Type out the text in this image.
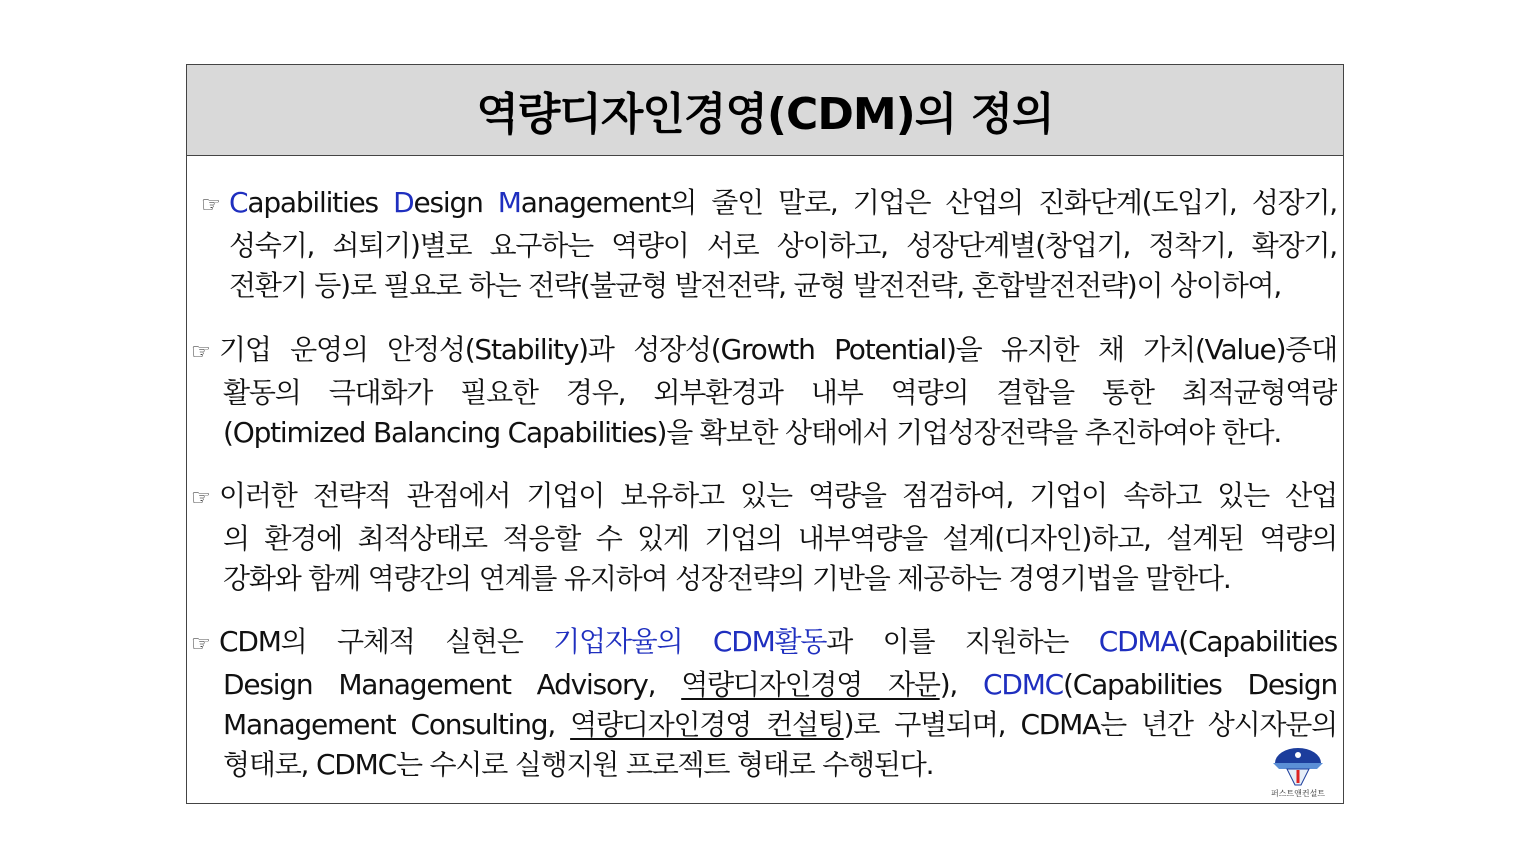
역량디자인경영(CDM)의 정의
☞ Capabilities Design Management의 줄인 말로, 기업은 산업의 진화단계(도입기, 성장기,
성숙기, 쇠퇴기)별로 요구하는 역량이 서로 상이하고, 성장단계별(창업기, 정착기, 확장기,
전환기 등)로 필요로 하는 전략(불균형 발전전략, 균형 발전전략, 혼합발전전략)이 상이하여,
☞ 기업 운영의 안정성(Stability)과 성장성(Growth Potential)을 유지한 채 가치(Value)증대
활동의 극대화가 필요한 경우, 외부환경과 내부 역량의 결합을 통한 최적균형역량
(Optimized Balancing Capabilities)을 확보한 상태에서 기업성장전략을 추진하여야 한다.
☞ 이러한 전략적 관점에서 기업이 보유하고 있는 역량을 점검하여, 기업이 속하고 있는 산업
의 환경에 최적상태로 적응할 수 있게 기업의 내부역량을 설계(디자인)하고, 설계된 역량의
강화와 함께 역량간의 연계를 유지하여 성장전략의 기반을 제공하는 경영기법을 말한다.
☞ CDM의 구체적 실현은 기업자율의 CDM활동과 이를 지원하는 CDMA(Capabilities
Design Management Advisory, 역량디자인경영 자문), CDMC(Capabilities Design
Management Consulting, 역량디자인경영 컨설팅)로 구별되며, CDMA는 년간 상시자문의
형태로, CDMC는 수시로 실행지원 프로젝트 형태로 수행된다.
퍼스트앤컨설트
